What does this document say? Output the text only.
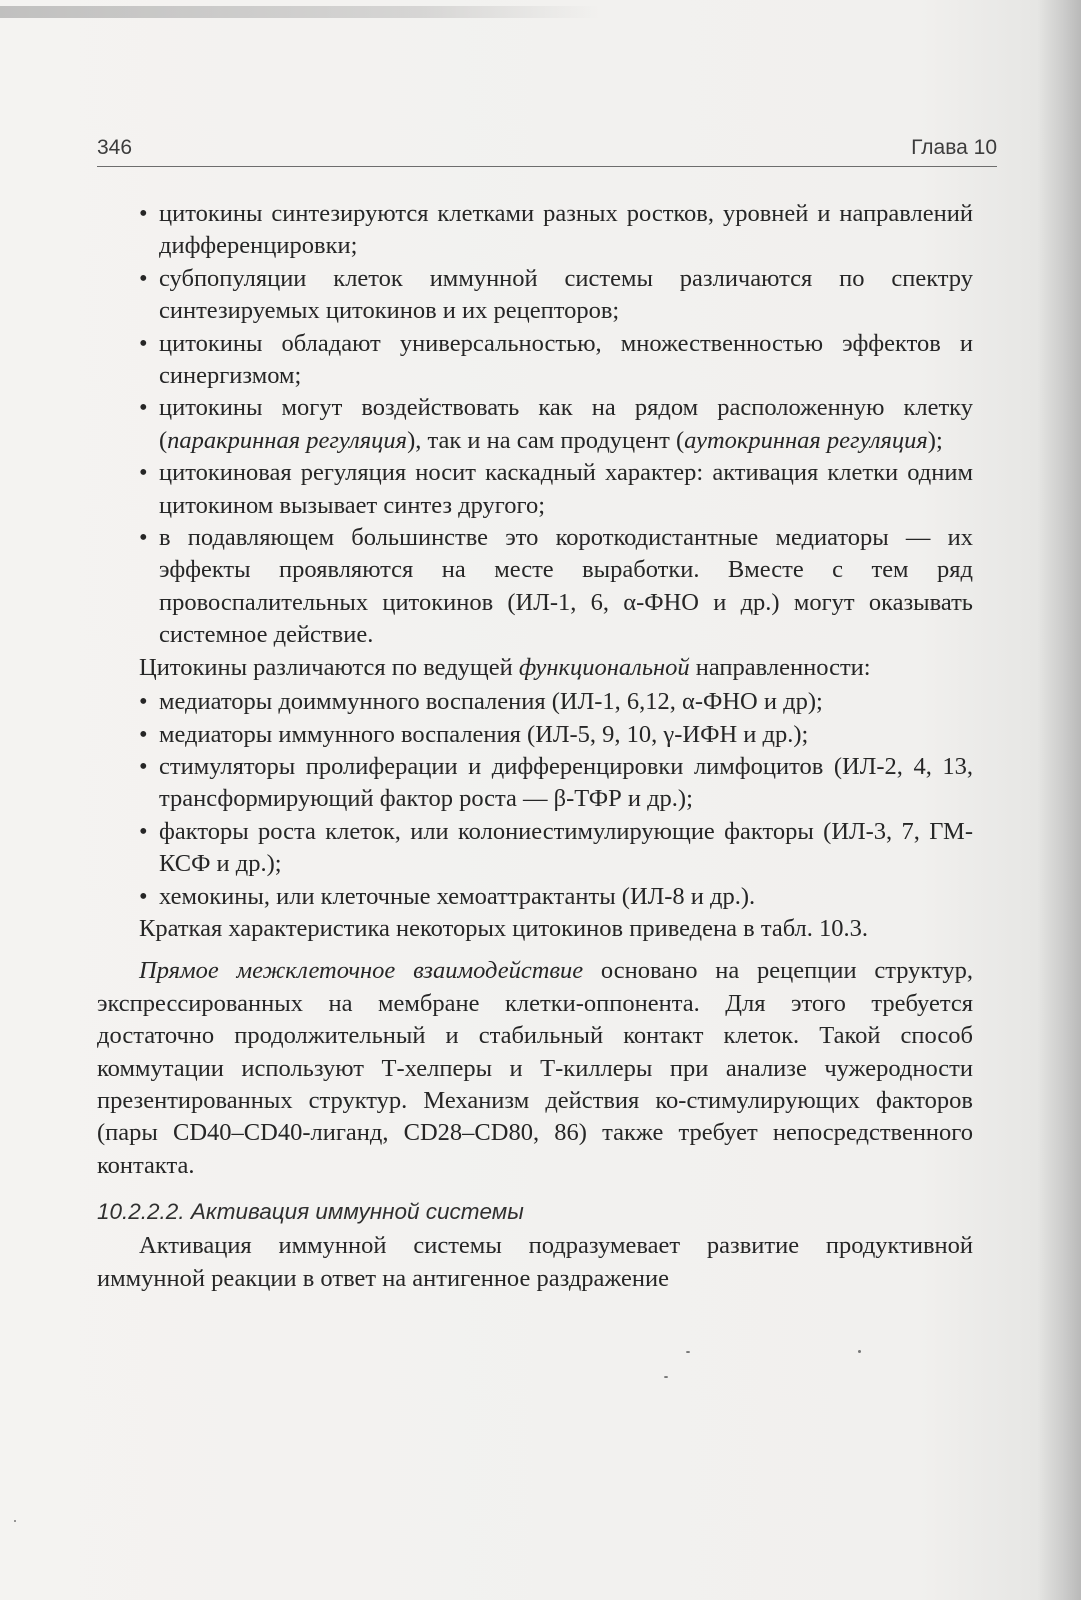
346	Глава 10
• цитокины синтезируются клетками разных ростков, уровней и направлений дифференцировки;
• субпопуляции клеток иммунной системы различаются по спектру синтезируемых цитокинов и их рецепторов;
• цитокины обладают универсальностью, множественностью эффектов и синергизмом;
• цитокины могут воздействовать как на рядом расположенную клетку (паракринная регуляция), так и на сам продуцент (аутокринная регуляция);
• цитокиновая регуляция носит каскадный характер: активация клетки одним цитокином вызывает синтез другого;
• в подавляющем большинстве это короткодистантные медиаторы — их эффекты проявляются на месте выработки. Вместе с тем ряд провоспалительных цитокинов (ИЛ-1, 6, α-ФНО и др.) могут оказывать системное действие.

Цитокины различаются по ведущей функциональной направленности:

• медиаторы доиммунного воспаления (ИЛ-1, 6,12, α-ФНО и др);
• медиаторы иммунного воспаления (ИЛ-5, 9, 10, γ-ИФН и др.);
• стимуляторы пролиферации и дифференцировки лимфоцитов (ИЛ-2, 4, 13, трансформирующий фактор роста — β-ТФР и др.);
• факторы роста клеток, или колониестимулирующие факторы (ИЛ-3, 7, ГМ-КСФ и др.);
• хемокины, или клеточные хемоаттрактанты (ИЛ-8 и др.).

Краткая характеристика некоторых цитокинов приведена в табл. 10.3.

Прямое межклеточное взаимодействие основано на рецепции структур, экспрессированных на мембране клетки-оппонента. Для этого требуется достаточно продолжительный и стабильный контакт клеток. Такой способ коммутации используют Т-хелперы и Т-киллеры при анализе чужеродности презентированных структур. Механизм действия ко-стимулирующих факторов (пары CD40–CD40-лиганд, CD28–CD80, 86) также требует непосредственного контакта.

10.2.2.2. Активация иммунной системы

Активация иммунной системы подразумевает развитие продуктивной иммунной реакции в ответ на антигенное раздражение
